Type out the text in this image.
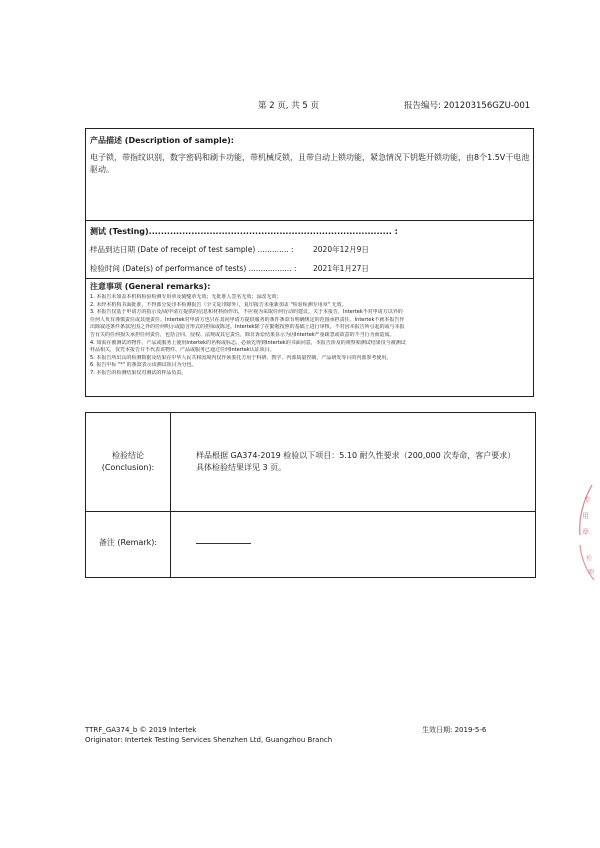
第 2 页, 共 5 页	报告编号: 201203156GZU-001
产品描述 (Description of sample):
电子锁，带指纹识别，数字密码和刷卡功能，带机械反锁，且带自动上锁功能，紧急情况下钥匙开锁功能，由8个1.5V干电池驱动。
测试 (Testing)................................................................................ :
样品到达日期 (Date of receipt of test sample) ............. :	2020年12月9日
检验时间 (Date(s) of performance of tests) .................. : 2021年1月27日
注意事项 (General remarks):
1. 本报告未加盖本机构检验检测专用章及骑缝章无效；无批准人签名无效；涂改无效；
2. 未经本机构书面批准，不得部分复印本检测报告（全文复印除外），复印报告未重新加盖 "检验检测专用章" 无效。
3. 本报告仅基于申请方的指示及/或申请方提供的信息和材料而作出，不应视为采取任何行动的建议。关于本报告，Intertek不对申请方以外的
任何人负有谨慎责任或其他责任。Intertek对申请方也只在其向申请方提供服务的条件条款有明确规定的范围承担责任。Intertek不就本报告作
出除叙述条件条款范围之外的任何明示或隐含形式的担保或陈述。Intertek除了在勤勉按照的基础上进行审核，不对因本报告所引起的或与本报
告有关的任何损失承担任何责任，包括合同、侵权、法规或其它责任，除非诉讼结果显示为因Intertek严重疏忽或故意的不当行为而造成。
4. 如需在被测试的物件、产品或服务上使用Intertek的名称或标志，必须先得到Intertek的书面同意，本报告涉及的观察和测试结果仅与被测试
样品相关，仅凭本报告并不代表该物件、产品或服务已通过任何Intertek认证项目。
5. 本报告所出具的检测数据及结果在中华人民共和国境内仅作须委托方用于科研、教学、内部质量控制、产品研发等目的内部参考使用。
6. 报告中标 "*" 的条款表示该测试项目为分包。
7. 本报告的检测结果仅对测试的样品负责。
检验结论
(Conclusion):
样品根据 GA374-2019 检验以下项目：5.10 耐久性要求（200,000 次寿命，客户要求）
具体检验结果详见 3 页。
备注 (Remark):
TTRF_GA374_b © 2019 Intertek
Originator: Intertek Testing Services Shenzhen Ltd, Guangzhou Branch
生效日期: 2019-5-6
专
用
章
检
测
